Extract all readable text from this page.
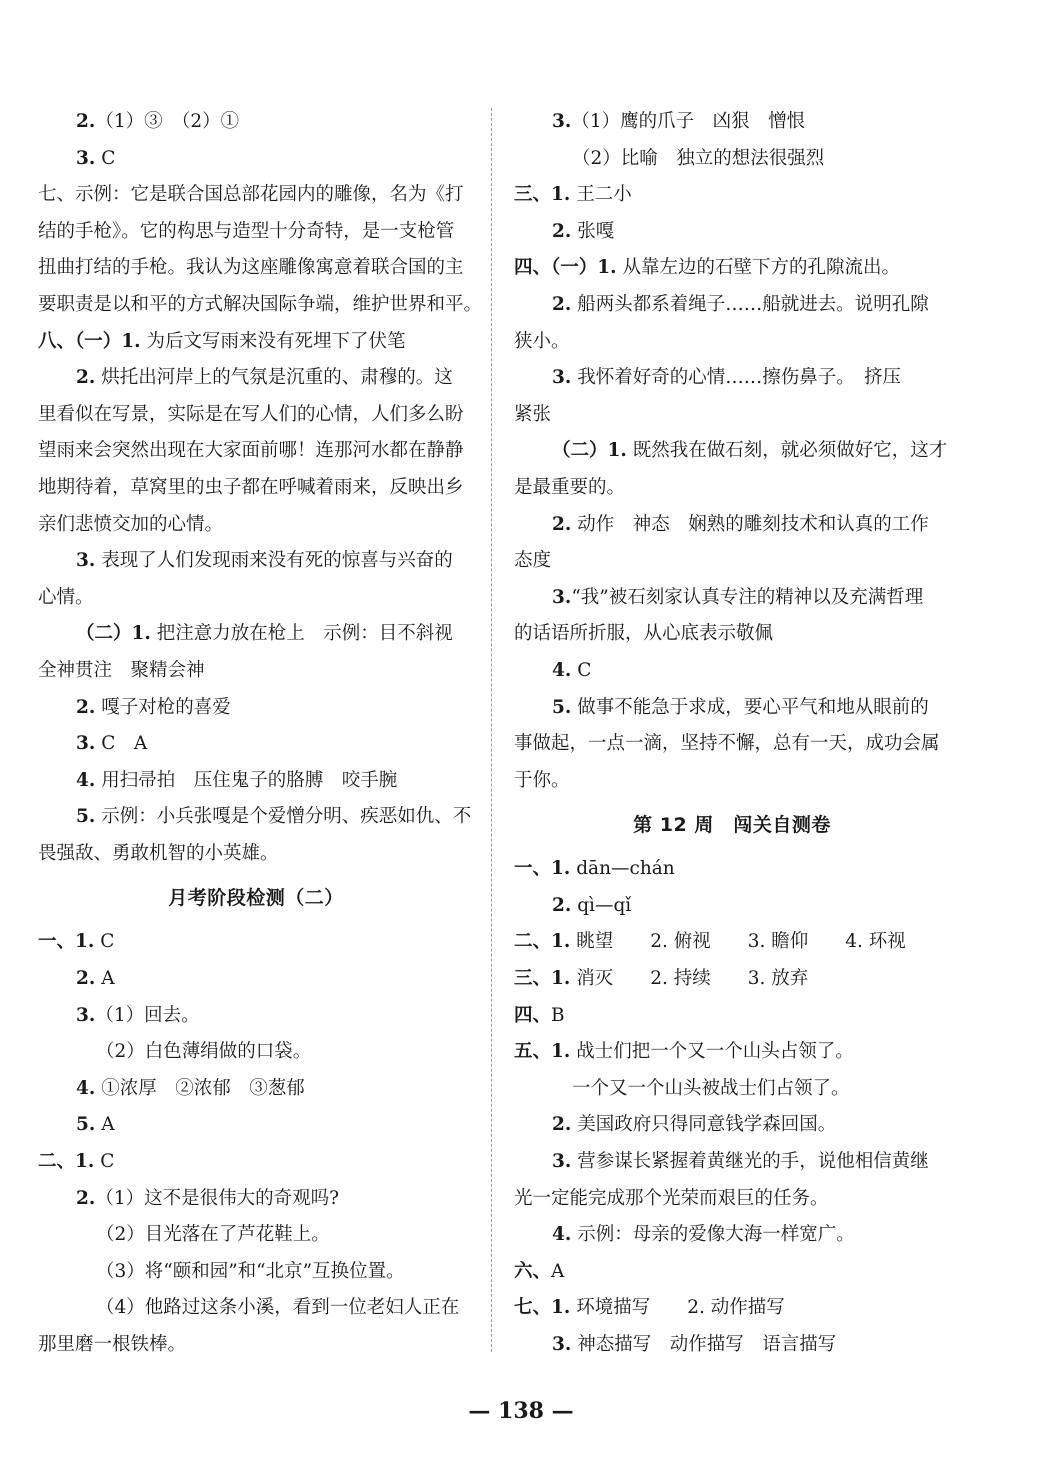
2.（1）③　（2）①
3. C
七、示例：它是联合国总部花园内的雕像，名为《打
结的手枪》。它的构思与造型十分奇特，是一支枪管
扭曲打结的手枪。我认为这座雕像寓意着联合国的主
要职责是以和平的方式解决国际争端，维护世界和平。
八、（一）1. 为后文写雨来没有死埋下了伏笔
2. 烘托出河岸上的气氛是沉重的、肃穆的。这
里看似在写景，实际是在写人们的心情，人们多么盼
望雨来会突然出现在大家面前哪！连那河水都在静静
地期待着，草窝里的虫子都在呼喊着雨来，反映出乡
亲们悲愤交加的心情。
3. 表现了人们发现雨来没有死的惊喜与兴奋的
心情。
（二）1. 把注意力放在枪上　示例：目不斜视
全神贯注　聚精会神
2. 嘎子对枪的喜爱
3. C　A
4. 用扫帚拍　压住鬼子的胳膊　咬手腕
5. 示例：小兵张嘎是个爱憎分明、疾恶如仇、不
畏强敌、勇敢机智的小英雄。
月考阶段检测（二）
一、1. C
2. A
3.（1）回去。
（2）白色薄绢做的口袋。
4. ①浓厚　②浓郁　③葱郁
5. A
二、1. C
2.（1）这不是很伟大的奇观吗?
（2）目光落在了芦花鞋上。
（3）将“颐和园”和“北京”互换位置。
（4）他路过这条小溪，看到一位老妇人正在
那里磨一根铁棒。
3.（1）鹰的爪子　凶狠　憎恨
（2）比喻　独立的想法很强烈
三、1. 王二小
2. 张嘎
四、（一）1. 从靠左边的石壁下方的孔隙流出。
2. 船两头都系着绳子……船就进去。说明孔隙
狭小。
3. 我怀着好奇的心情……擦伤鼻子。　挤压
紧张
（二）1. 既然我在做石刻，就必须做好它，这才
是最重要的。
2. 动作　神态　娴熟的雕刻技术和认真的工作
态度
3.“我”被石刻家认真专注的精神以及充满哲理
的话语所折服，从心底表示敬佩
4. C
5. 做事不能急于求成，要心平气和地从眼前的
事做起，一点一滴，坚持不懈，总有一天，成功会属
于你。
第 12 周　闯关自测卷
一、1. dān—chán
2. qì—qǐ
二、1. 眺望　　2. 俯视　　3. 瞻仰　　4. 环视
三、1. 消灭　　2. 持续　　3. 放弃
四、B
五、1. 战士们把一个又一个山头占领了。
一个又一个山头被战士们占领了。
2. 美国政府只得同意钱学森回国。
3. 营参谋长紧握着黄继光的手，说他相信黄继
光一定能完成那个光荣而艰巨的任务。
4. 示例：母亲的爱像大海一样宽广。
六、A
七、1. 环境描写　　2. 动作描写
3. 神态描写　动作描写　语言描写
— 138 —
